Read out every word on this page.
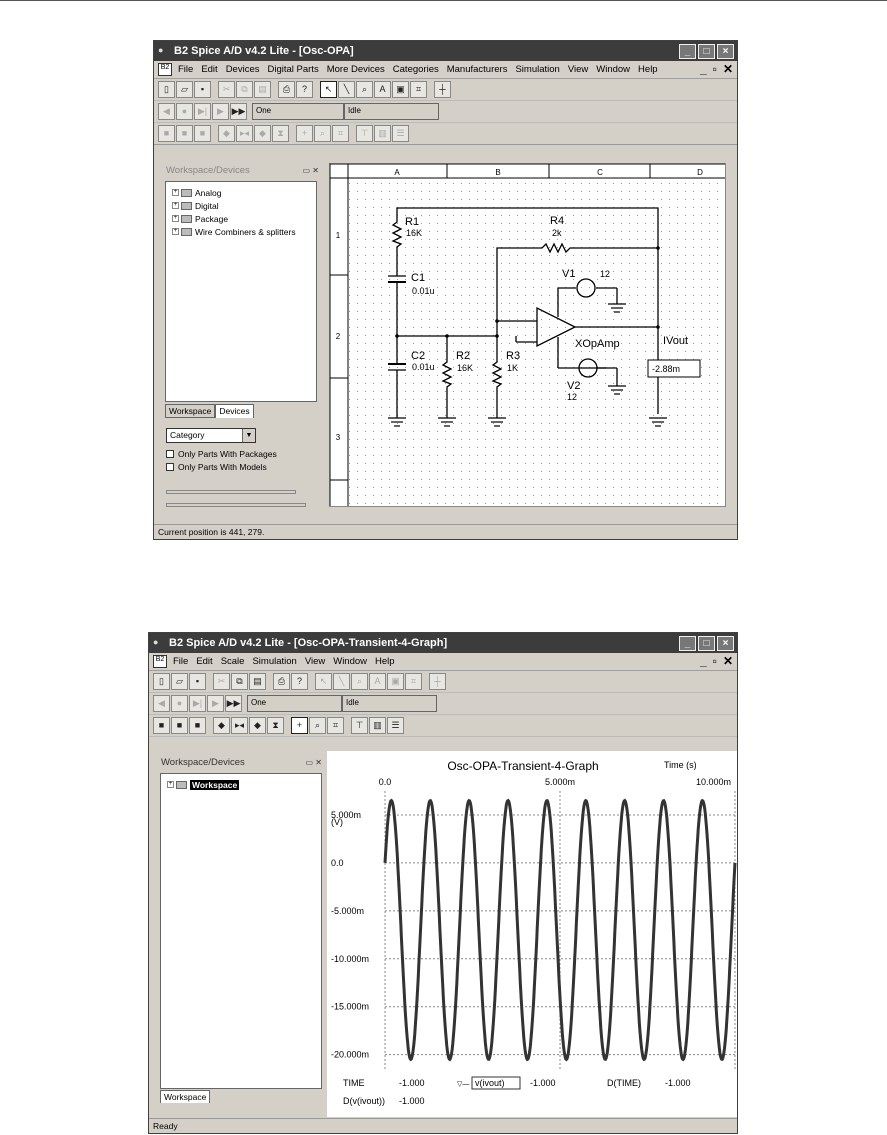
● B2 Spice A/D v4.2 Lite - [Osc-OPA]	_	□	×
B2 File Edit Devices Digital Parts More Devices Categories Manufacturers Simulation View Window Help	_ ▫ ✕
▯	▱	▪	✂	⧉	▤	⎙	?	↖	╲	⌕	A	▣	⌗	┼
◀	●	▶|	▶ ▶▶	One	Idle
■	■	■	◆	▸◂	◆	⧗	+	⌕	⌗	⊤	▥	☰
Workspace/Devices	▭ ✕
+ Analog
+ Digital
+ Package
+ Wire Combiners & splitters
Workspace Devices
Category	▼
Only Parts With Packages
Only Parts With Models
A	B	C	D
1
2
3
R1
16K
R4
2k
C1
0.01u
C2
0.01u
R2
16K
R3
1K
V1	12
V2
12
XOpAmp	IVout
-2.88m
Current position is 441, 279.
● B2 Spice A/D v4.2 Lite - [Osc-OPA-Transient-4-Graph]	_	□	×
B2 File Edit Scale Simulation View Window Help	_ ▫ ✕
▯	▱	▪	✂	⧉	▤	⎙	?	↖	╲	⌕	A	▣	⌗	┼
◀	●	▶|	▶ ▶▶	One	Idle
■	■	■	◆	▸◂	◆	⧗	+	⌕	⌗	⊤	▥	☰
Workspace/Devices	▭ ✕
+ Workspace
Workspace
Osc-OPA-Transient-4-Graph	Time (s)
(V)
0.0	5.000m	10.000m
5.000m
0.0
-5.000m
-10.000m
-15.000m
-20.000m
TIME	-1.000	▽— v(ivout)	-1.000	D(TIME)	-1.000
D(v(ivout)) -1.000
Ready
